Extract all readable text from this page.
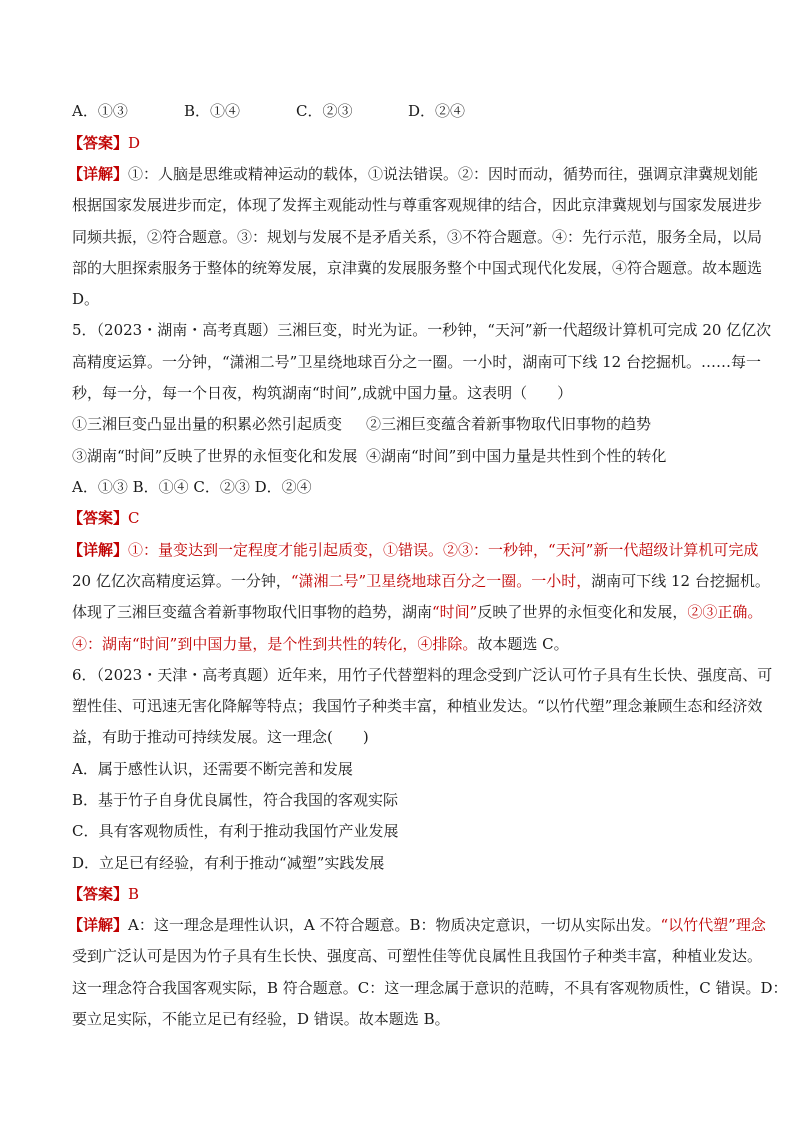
A．①③	B．①④	C．②③	D．②④
【答案】D
【详解】①：人脑是思维或精神运动的载体，①说法错误。②：因时而动，循势而往，强调京津冀规划能
根据国家发展进步而定，体现了发挥主观能动性与尊重客观规律的结合，因此京津冀规划与国家发展进步
同频共振，②符合题意。③：规划与发展不是矛盾关系，③不符合题意。④：先行示范，服务全局，以局
部的大胆探索服务于整体的统筹发展，京津冀的发展服务整个中国式现代化发展，④符合题意。故本题选
D。
5．（2023・湖南・高考真题）三湘巨变，时光为证。一秒钟，“天河”新一代超级计算机可完成 20 亿亿次
高精度运算。一分钟，“潇湘二号”卫星绕地球百分之一圈。一小时，湖南可下线 12 台挖掘机。……每一
秒，每一分，每一个日夜，构筑湖南“时间”,成就中国力量。这表明（　　）
①三湘巨变凸显出量的积累必然引起质变 ②三湘巨变蕴含着新事物取代旧事物的趋势
③湖南“时间”反映了世界的永恒变化和发展 ④湖南“时间”到中国力量是共性到个性的转化
A．①③ B．①④ C．②③ D．②④
【答案】C
【详解】①：量变达到一定程度才能引起质变，①错误。②③：一秒钟，“天河”新一代超级计算机可完成
20 亿亿次高精度运算。一分钟，“潇湘二号”卫星绕地球百分之一圈。一小时，湖南可下线 12 台挖掘机。
体现了三湘巨变蕴含着新事物取代旧事物的趋势，湖南“时间”反映了世界的永恒变化和发展，②③正确。
④：湖南“时间”到中国力量，是个性到共性的转化，④排除。故本题选 C。
6．（2023・天津・高考真题）近年来，用竹子代替塑料的理念受到广泛认可竹子具有生长快、强度高、可
塑性佳、可迅速无害化降解等特点；我国竹子种类丰富，种植业发达。“以竹代塑”理念兼顾生态和经济效
益，有助于推动可持续发展。这一理念(　　)
A．属于感性认识，还需要不断完善和发展
B．基于竹子自身优良属性，符合我国的客观实际
C．具有客观物质性，有利于推动我国竹产业发展
D．立足已有经验，有利于推动“减塑”实践发展
【答案】B
【详解】A：这一理念是理性认识，A 不符合题意。B：物质决定意识，一切从实际出发。“以竹代塑”理念
受到广泛认可是因为竹子具有生长快、强度高、可塑性佳等优良属性且我国竹子种类丰富，种植业发达。
这一理念符合我国客观实际，B 符合题意。C：这一理念属于意识的范畴，不具有客观物质性，C 错误。D：
要立足实际，不能立足已有经验，D 错误。故本题选 B。
